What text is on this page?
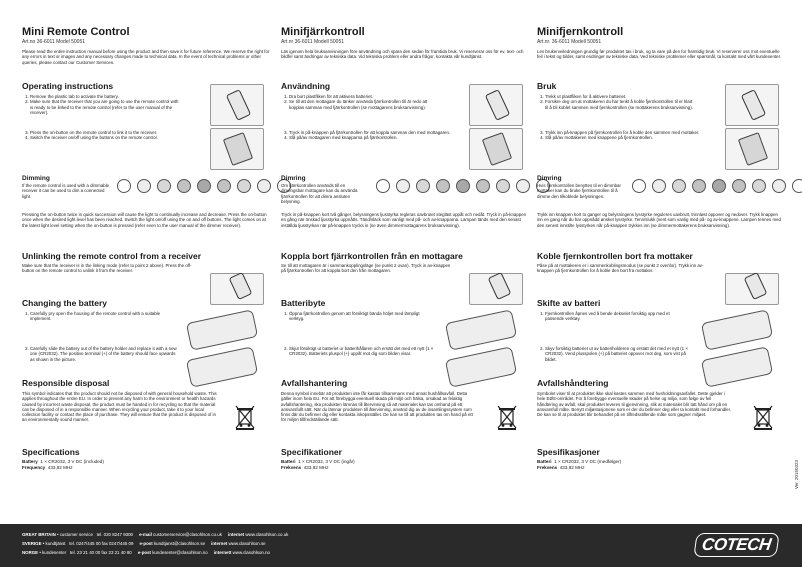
Mini Remote Control
Art.no 36-6011 Model 50051

Please read the entire instruction manual before using the product and then save it for future reference. We reserve the right for any errors in text or images and any necessary changes made to technical data. In the event of technical problems or other queries, please contact our Customer Services.

Operating instructions
1. Remove the plastic tab to activate the battery.
2. Make sure that the receiver that you are going to use the remote control with is ready to be linked to the remote control (refer to the user manual of the receiver).
3. Press the on-button on the remote control to link it to the receiver.
4. Switch the receiver on/off using the buttons on the remote control.
Dimming

If the remote control is used with a dimmable receiver it can be used to dim a connected light.

Pressing the on-button twice in quick succession will cause the light to continually increase and decrease. Press the on-button once when the desired light level has been reached. Switch the light on/off using the on and off buttons. The light comes on at the latest light level setting when the on-button is pressed (refer even to the user manual of the dimmer receiver).

Unlinking the remote control from a receiver

Make sure that the receiver is in the linking mode (refer to point 2 above). Press the off-button on the remote control to unlink it from the receiver.

Changing the battery
1. Carefully pry open the housing of the remote control with a suitable implement.
2. Carefully slide the battery out of the battery holder and replace it with a new one (CR2032). The positive terminal (+) of the battery should face upwards as shown in the picture.
Responsible disposal

This symbol indicates that the product should not be disposed of with general household waste. This applies throughout the entire EU. In order to prevent any harm to the environment or health hazards caused by incorrect waste disposal, the product must be handed in for recycling so that the material can be disposed of in a responsible manner. When recycling your product, take it to your local collection facility or contact the place of purchase. They will ensure that the product is disposed of in an environmentally sound manner.

Specifications
Battery 1 × CR2032, 3 V DC (included)
Frequency 433,92 MHz
Minifjärrkontroll
Art.nr 36-6011 Modell 50051

Läs igenom hela bruksanvisningen före användning och spara den sedan för framtida bruk. Vi reserverar oss för ev. text- och bildfel samt ändringar av tekniska data. Vid tekniska problem eller andra frågor, kontakta vår kundtjänst.

Användning
1. Dra bort plastfliken för att aktivera batteriet.
2. Se till att den mottagare du tänker använda fjärrkontrollen till är redo att kopplas samman med fjärrkontrollen (se mottagarens bruksanvisning).
3. Tryck in på-knappen på fjärrkontrollen för att koppla samman den med mottagaren.
4. Slå på/av mottagaren med knapparna på fjärrkontrollen.
Dimring

Om fjärrkontrollen används till en dimringsbar mottagare kan du använda fjärrkontrollen för att dimra ansluten belysning.

Tryck in på-knappen kort två gånger, belysningens ljusstyrka regleras oavbrutet stegläst uppåt och nedåt. Tryck in på-knappen en gång när önskad ljusstyrka uppnåtts. Tänd/släck som vanligt med på- och av-knapparna. Lampan tänds med den senast inställda ljusstyrkan när på-knappen trycks in (se även dimmermottagarens bruksanvisning).

Koppla bort fjärrkontrollen från en mottagare

Se till att mottagaren är i sammankopplingsläge (se punkt 2 ovan). Tryck in av-knappen på fjärrkontrollen för att koppla bort den från mottagaren.

Batteribyte
1. Öppna fjärrkontrollen genom att försiktigt bända höljet med lämpligt verktyg.
2. Skjut försiktigt ut batteriet ur batterihållaren och ersätt det med ett nytt (1 × CR2032). Batteriets pluspol (+) uppåt mot dig som bilden visar.
Avfallshantering

Denna symbol innebär att produkten inte får kastas tillsammans med annat hushållsavfall. Detta gäller inom hela EU. För att förebygga eventuell skada på miljö och hälsa, orsakad av felaktig avfallshantering, ska produkten lämnas till återvinning så att materialet kan tas omhand på ett ansvarsfullt sätt. När du lämnar produkten till återvinning, använd dig av de insamlingssystem som finns där du befinner dig eller kontakta inköpsstället. De kan se till att produkten tas om hand på ett för miljön tillfredställande sätt.

Specifikationer
Batteri 1 × CR2032, 3 V DC (ingår)
Frekvens 433,92 MHz
Minifjernkontroll
Art.nr. 36-6011 Modell 50051

Les brukerveiledningen grundig før produktet tas i bruk, og ta vare på den for framtidig bruk. Vi reserverer oss mot eventuelle feil i tekst og bilder, samt endringer av tekniske data. Ved tekniske problemer eller spørsmål, ta kontakt med vårt kundesenter.

Bruk
1. Trekk ut plastfliken for å aktivere batteriet.
2. Forsikre deg om at mottakeren du har tenkt å koble fjernkontrollen til er klart til å bli koblet sammen med fjernkontrollen (se mottakerens bruksanvisning).
3. Trykk inn på-knappen på fjernkontrollen for å koble den sammen med mottaker.
4. Slå på/av mottakeren med knappene på fjernkontrollen.
Dimring

Hvis fjernkontrollen benyttes til en dimmbar mottaker kan du bruke fjernkontrollen til å dimme den tilkoblede belysningen.

Trykk inn knappen kort to ganger og belysningens lysstyrke reguleres uavbrutt, trinnløst oppover og nedover. Trykk knappen inn en gang når du har oppnådd ønsket lysstyrke. Tenn/slukk (vent som vanlig med på- og av-knappene. Lampen tennes med den senest innstilte lysstyrken når på-knappen trykkes inn (se dimmermottakerens bruksanvisning).

Koble fjernkontrollen bort fra mottaker

Påse på at mottakeren er i sammenkoblingsmodus (se punkt 2 ovenfor). Trykk inn av-knappen på fjernkontrollen for å koble den bort fra mottaker.

Skifte av batteri
1. Fjernkontrollen åpnes ved å bende dekselet forsiktig opp med et passende verktøy.
2. Skyv forsiktig batteriet ut av batteriholderen og erstatt det med et nytt (1 × CR2032). Vend plusspolen (+) på batteriet oppover mot deg, som vist på bildet.
Avfallshåndtering

Symbolet viser til at produktet ikke skal kastes sammen med husholdningsavfallet. Dette gjelder i hele EØS-området. For å forebygge eventuelle skader på helse og miljø, som følge av feil håndtering av avfall, skal produktet leveres til gjenvinning, slik at materialet blir tatt hånd om på en ansvarsfull måte. Benytt miljøstasjonene som er der du befinner deg eller ta kontakt med forhandler. De kan se til at produktet blir behandlet på en tilfredsstillende måte som gagner miljøet.

Spesifikasjoner
Batteri 1 × CR2032, 3 V DC (medfølger)
Frekvens 433,92 MHz	Ver. 20150323
GREAT BRITAIN • customer service tel. 020 8247 9300 e-mail customerservice@clasohlson.co.uk internet www.clasohlson.co.uk
SVERIGE • kundtjänst tel. 0247/445 00 fax 0247/445 09 e-post kundtjanst@clasohlson.se internet www.clasohlson.se
NORGE • kundesenter tel. 23 21 40 00 fax 23 21 40 80 e-post kundesenter@clasohlson.no internett www.clasohlson.no	COTECH
